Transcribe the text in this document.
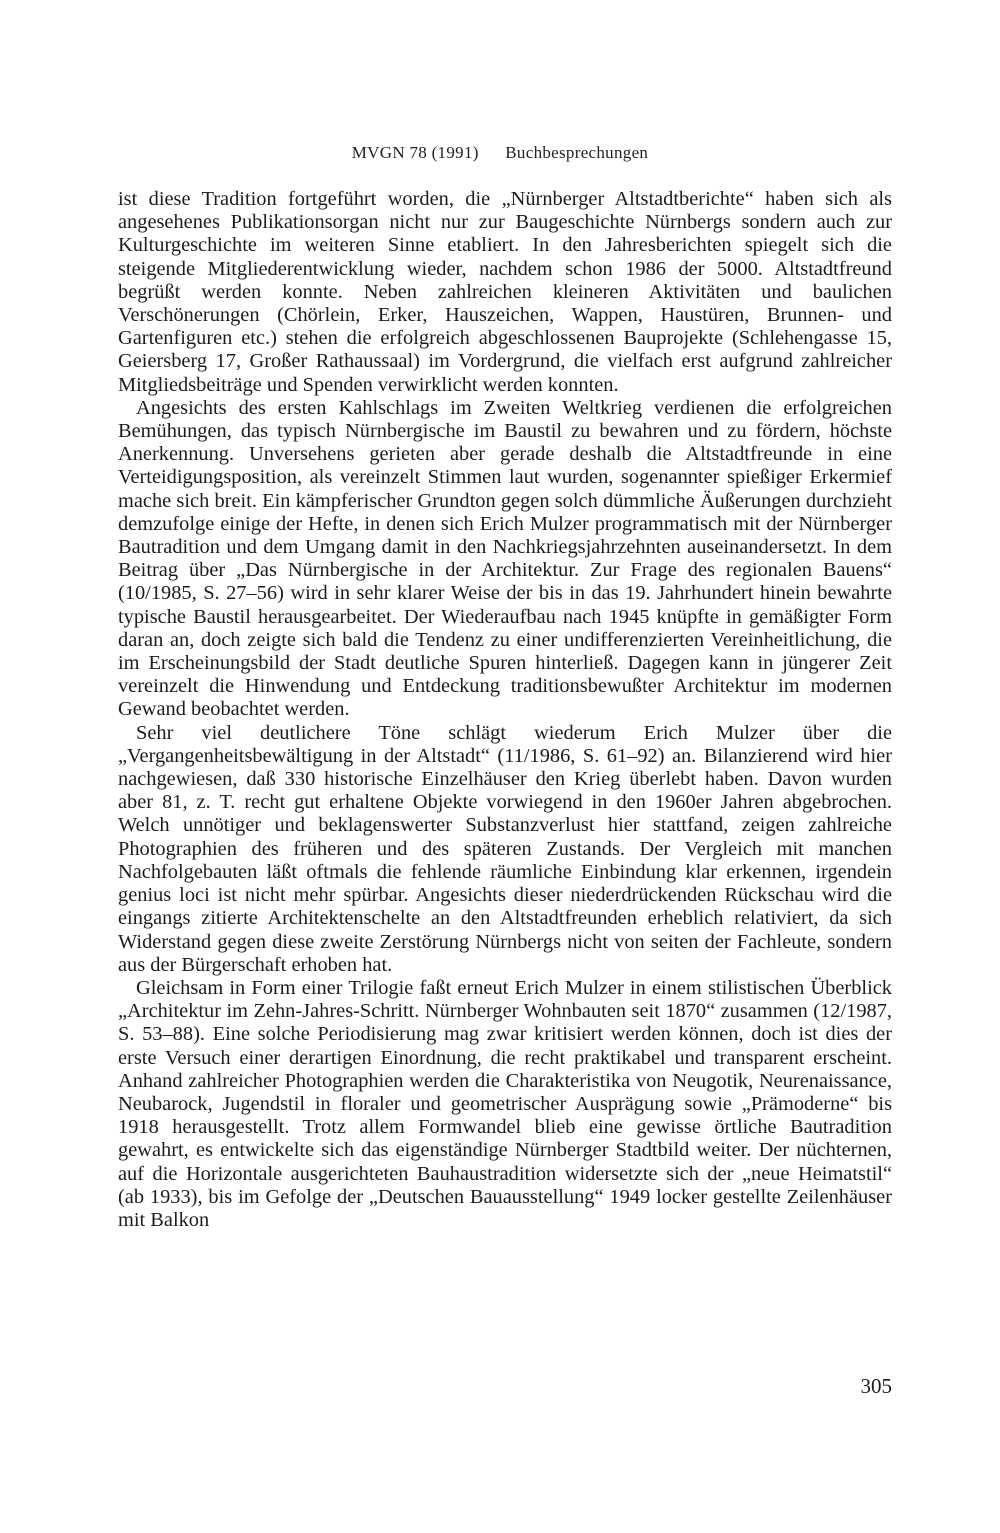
MVGN 78 (1991) Buchbesprechungen

ist diese Tradition fortgeführt worden, die „Nürnberger Altstadtberichte“ haben sich als angesehenes Publikationsorgan nicht nur zur Baugeschichte Nürnbergs sondern auch zur Kulturgeschichte im weiteren Sinne etabliert. In den Jahresberichten spiegelt sich die steigende Mitgliederentwicklung wieder, nachdem schon 1986 der 5000. Altstadtfreund begrüßt werden konnte. Neben zahlreichen kleineren Aktivitäten und baulichen Verschönerungen (Chörlein, Erker, Hauszeichen, Wappen, Haustüren, Brunnen- und Gartenfiguren etc.) stehen die erfolgreich abgeschlossenen Bauprojekte (Schlehengasse 15, Geiersberg 17, Großer Rathaussaal) im Vordergrund, die vielfach erst aufgrund zahlreicher Mitgliedsbeiträge und Spenden verwirklicht werden konnten.

Angesichts des ersten Kahlschlags im Zweiten Weltkrieg verdienen die erfolgreichen Bemühungen, das typisch Nürnbergische im Baustil zu bewahren und zu fördern, höchste Anerkennung. Unversehens gerieten aber gerade deshalb die Altstadtfreunde in eine Verteidigungsposition, als vereinzelt Stimmen laut wurden, sogenannter spießiger Erkermief mache sich breit. Ein kämpferischer Grundton gegen solch dümmliche Äußerungen durchzieht demzufolge einige der Hefte, in denen sich Erich Mulzer programmatisch mit der Nürnberger Bautradition und dem Umgang damit in den Nachkriegsjahrzehnten auseinandersetzt. In dem Beitrag über „Das Nürnbergische in der Architektur. Zur Frage des regionalen Bauens“ (10/1985, S. 27–56) wird in sehr klarer Weise der bis in das 19. Jahrhundert hinein bewahrte typische Baustil herausgearbeitet. Der Wiederaufbau nach 1945 knüpfte in gemäßigter Form daran an, doch zeigte sich bald die Tendenz zu einer undifferenzierten Vereinheitlichung, die im Erscheinungsbild der Stadt deutliche Spuren hinterließ. Dagegen kann in jüngerer Zeit vereinzelt die Hinwendung und Entdeckung traditionsbewußter Architektur im modernen Gewand beobachtet werden.

Sehr viel deutlichere Töne schlägt wiederum Erich Mulzer über die „Vergangenheitsbewältigung in der Altstadt“ (11/1986, S. 61–92) an. Bilanzierend wird hier nachgewiesen, daß 330 historische Einzelhäuser den Krieg überlebt haben. Davon wurden aber 81, z. T. recht gut erhaltene Objekte vorwiegend in den 1960er Jahren abgebrochen. Welch unnötiger und beklagenswerter Substanzverlust hier stattfand, zeigen zahlreiche Photographien des früheren und des späteren Zustands. Der Vergleich mit manchen Nachfolgebauten läßt oftmals die fehlende räumliche Einbindung klar erkennen, irgendein genius loci ist nicht mehr spürbar. Angesichts dieser niederdrückenden Rückschau wird die eingangs zitierte Architektenschelte an den Altstadtfreunden erheblich relativiert, da sich Widerstand gegen diese zweite Zerstörung Nürnbergs nicht von seiten der Fachleute, sondern aus der Bürgerschaft erhoben hat.

Gleichsam in Form einer Trilogie faßt erneut Erich Mulzer in einem stilistischen Überblick „Architektur im Zehn-Jahres-Schritt. Nürnberger Wohnbauten seit 1870“ zusammen (12/1987, S. 53–88). Eine solche Periodisierung mag zwar kritisiert werden können, doch ist dies der erste Versuch einer derartigen Einordnung, die recht praktikabel und transparent erscheint. Anhand zahlreicher Photographien werden die Charakteristika von Neugotik, Neurenaissance, Neubarock, Jugendstil in floraler und geometrischer Ausprägung sowie „Prämoderne“ bis 1918 herausgestellt. Trotz allem Formwandel blieb eine gewisse örtliche Bautradition gewahrt, es entwickelte sich das eigenständige Nürnberger Stadtbild weiter. Der nüchternen, auf die Horizontale ausgerichteten Bauhaustradition widersetzte sich der „neue Heimatstil“ (ab 1933), bis im Gefolge der „Deutschen Bauausstellung“ 1949 locker gestellte Zeilenhäuser mit Balkon

305
